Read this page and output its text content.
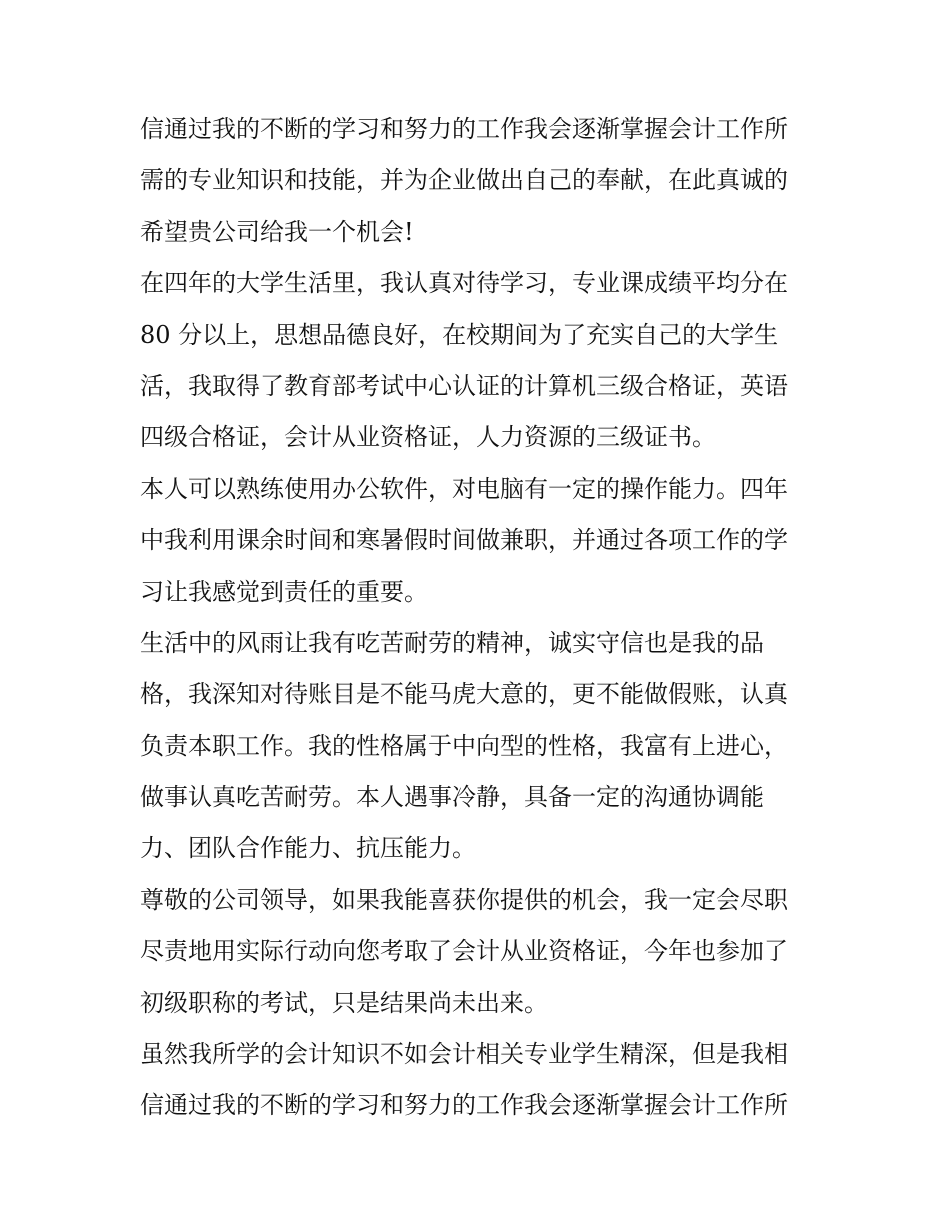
信通过我的不断的学习和努力的工作我会逐渐掌握会计工作所
需的专业知识和技能，并为企业做出自己的奉献，在此真诚的
希望贵公司给我一个机会!
在四年的大学生活里，我认真对待学习，专业课成绩平均分在
80 分以上，思想品德良好，在校期间为了充实自己的大学生
活，我取得了教育部考试中心认证的计算机三级合格证，英语
四级合格证，会计从业资格证，人力资源的三级证书。
本人可以熟练使用办公软件，对电脑有一定的操作能力。四年
中我利用课余时间和寒暑假时间做兼职，并通过各项工作的学
习让我感觉到责任的重要。
生活中的风雨让我有吃苦耐劳的精神，诚实守信也是我的品
格，我深知对待账目是不能马虎大意的，更不能做假账，认真
负责本职工作。我的性格属于中向型的性格，我富有上进心，
做事认真吃苦耐劳。本人遇事冷静，具备一定的沟通协调能
力、团队合作能力、抗压能力。
尊敬的公司领导，如果我能喜获你提供的机会，我一定会尽职
尽责地用实际行动向您考取了会计从业资格证，今年也参加了
初级职称的考试，只是结果尚未出来。
虽然我所学的会计知识不如会计相关专业学生精深，但是我相
信通过我的不断的学习和努力的工作我会逐渐掌握会计工作所
